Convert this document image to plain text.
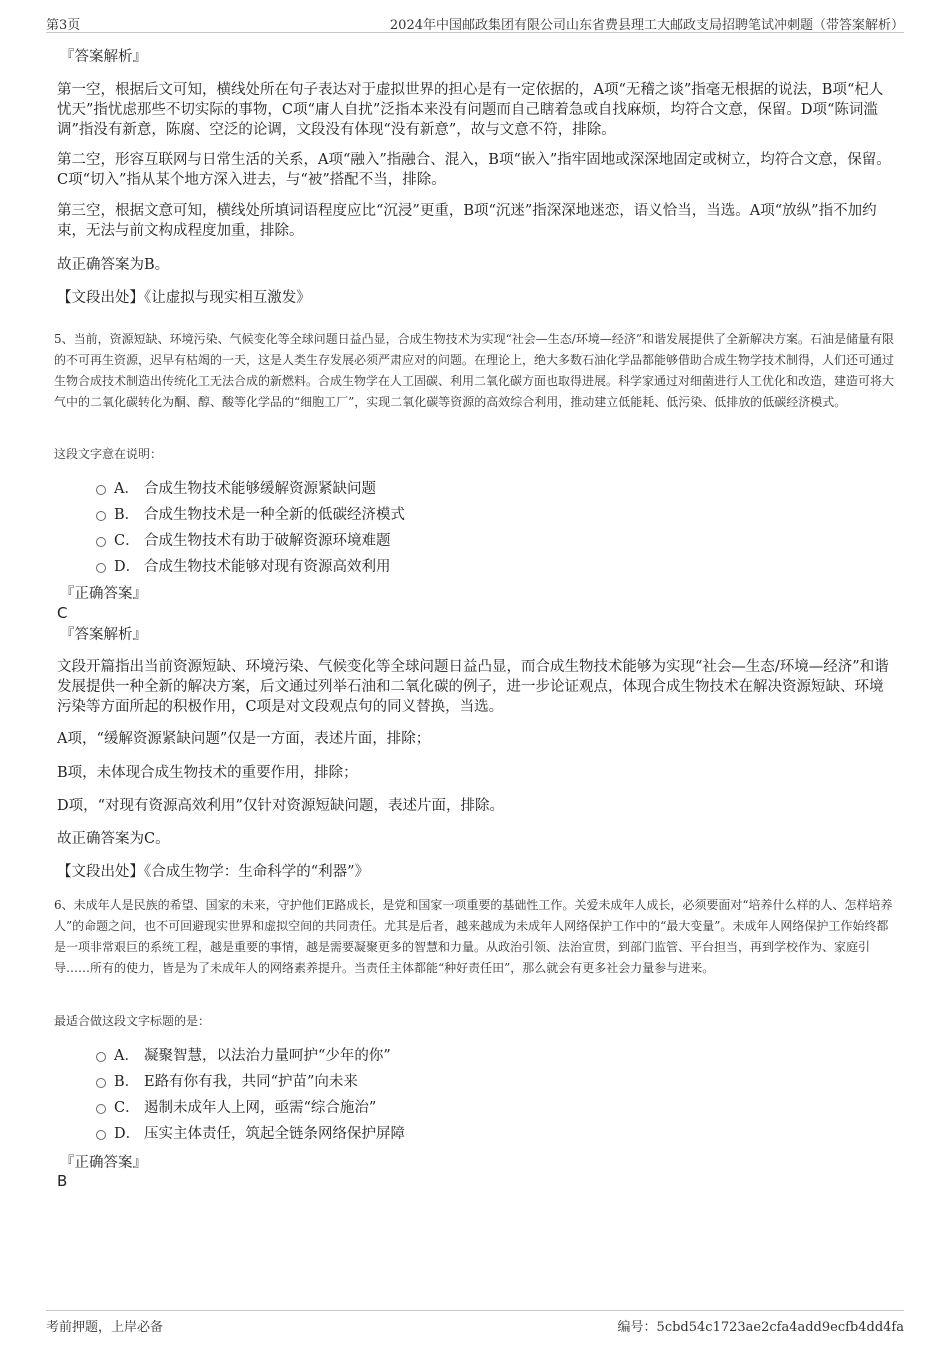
第3页	2024年中国邮政集团有限公司山东省费县理工大邮政支局招聘笔试冲刺题（带答案解析）
『答案解析』
第一空，根据后文可知，横线处所在句子表达对于虚拟世界的担心是有一定依据的，A项“无稽之谈”指毫无根据的说法，B项“杞人忧天”指忧虑那些不切实际的事物，C项“庸人自扰”泛指本来没有问题而自己瞎着急或自找麻烦，均符合文意，保留。D项“陈词滥调”指没有新意，陈腐、空泛的论调，文段没有体现“没有新意”，故与文意不符，排除。
第二空，形容互联网与日常生活的关系，A项“融入”指融合、混入，B项“嵌入”指牢固地或深深地固定或树立，均符合文意，保留。C项“切入”指从某个地方深入进去，与“被”搭配不当，排除。
第三空，根据文意可知，横线处所填词语程度应比“沉浸”更重，B项“沉迷”指深深地迷恋，语义恰当，当选。A项“放纵”指不加约束，无法与前文构成程度加重，排除。
故正确答案为B。
【文段出处】《让虚拟与现实相互激发》
5、当前，资源短缺、环境污染、气候变化等全球问题日益凸显，合成生物技术为实现“社会—生态/环境—经济”和谐发展提供了全新解决方案。石油是储量有限的不可再生资源，迟早有枯竭的一天，这是人类生存发展必须严肃应对的问题。在理论上，绝大多数石油化学品都能够借助合成生物学技术制得，人们还可通过生物合成技术制造出传统化工无法合成的新燃料。合成生物学在人工固碳、利用二氧化碳方面也取得进展。科学家通过对细菌进行人工优化和改造，建造可将大气中的二氧化碳转化为酮、醇、酸等化学品的“细胞工厂”，实现二氧化碳等资源的高效综合利用，推动建立低能耗、低污染、低排放的低碳经济模式。
这段文字意在说明：
A． 合成生物技术能够缓解资源紧缺问题
B． 合成生物技术是一种全新的低碳经济模式
C． 合成生物技术有助于破解资源环境难题
D． 合成生物技术能够对现有资源高效利用
『正确答案』
C
『答案解析』
文段开篇指出当前资源短缺、环境污染、气候变化等全球问题日益凸显，而合成生物技术能够为实现“社会—生态/环境—经济”和谐发展提供一种全新的解决方案，后文通过列举石油和二氧化碳的例子，进一步论证观点，体现合成生物技术在解决资源短缺、环境污染等方面所起的积极作用，C项是对文段观点句的同义替换，当选。
A项，“缓解资源紧缺问题”仅是一方面，表述片面，排除；
B项，未体现合成生物技术的重要作用，排除；
D项，“对现有资源高效利用”仅针对资源短缺问题，表述片面，排除。
故正确答案为C。
【文段出处】《合成生物学：生命科学的“利器”》
6、未成年人是民族的希望、国家的未来，守护他们E路成长，是党和国家一项重要的基础性工作。关爱未成年人成长，必须要面对“培养什么样的人、怎样培养人”的命题之问，也不可回避现实世界和虚拟空间的共同责任。尤其是后者，越来越成为未成年人网络保护工作中的“最大变量”。未成年人网络保护工作始终都是一项非常艰巨的系统工程，越是重要的事情，越是需要凝聚更多的智慧和力量。从政治引领、法治宣贯，到部门监管、平台担当，再到学校作为、家庭引导……所有的使力，皆是为了未成年人的网络素养提升。当责任主体都能“种好责任田”，那么就会有更多社会力量参与进来。
最适合做这段文字标题的是：
A． 凝聚智慧，以法治力量呵护“少年的你”
B． E路有你有我，共同“护苗”向未来
C． 遏制未成年人上网，亟需“综合施治”
D． 压实主体责任，筑起全链条网络保护屏障
『正确答案』
B
考前押题，上岸必备	编号：5cbd54c1723ae2cfa4add9ecfb4dd4fa
